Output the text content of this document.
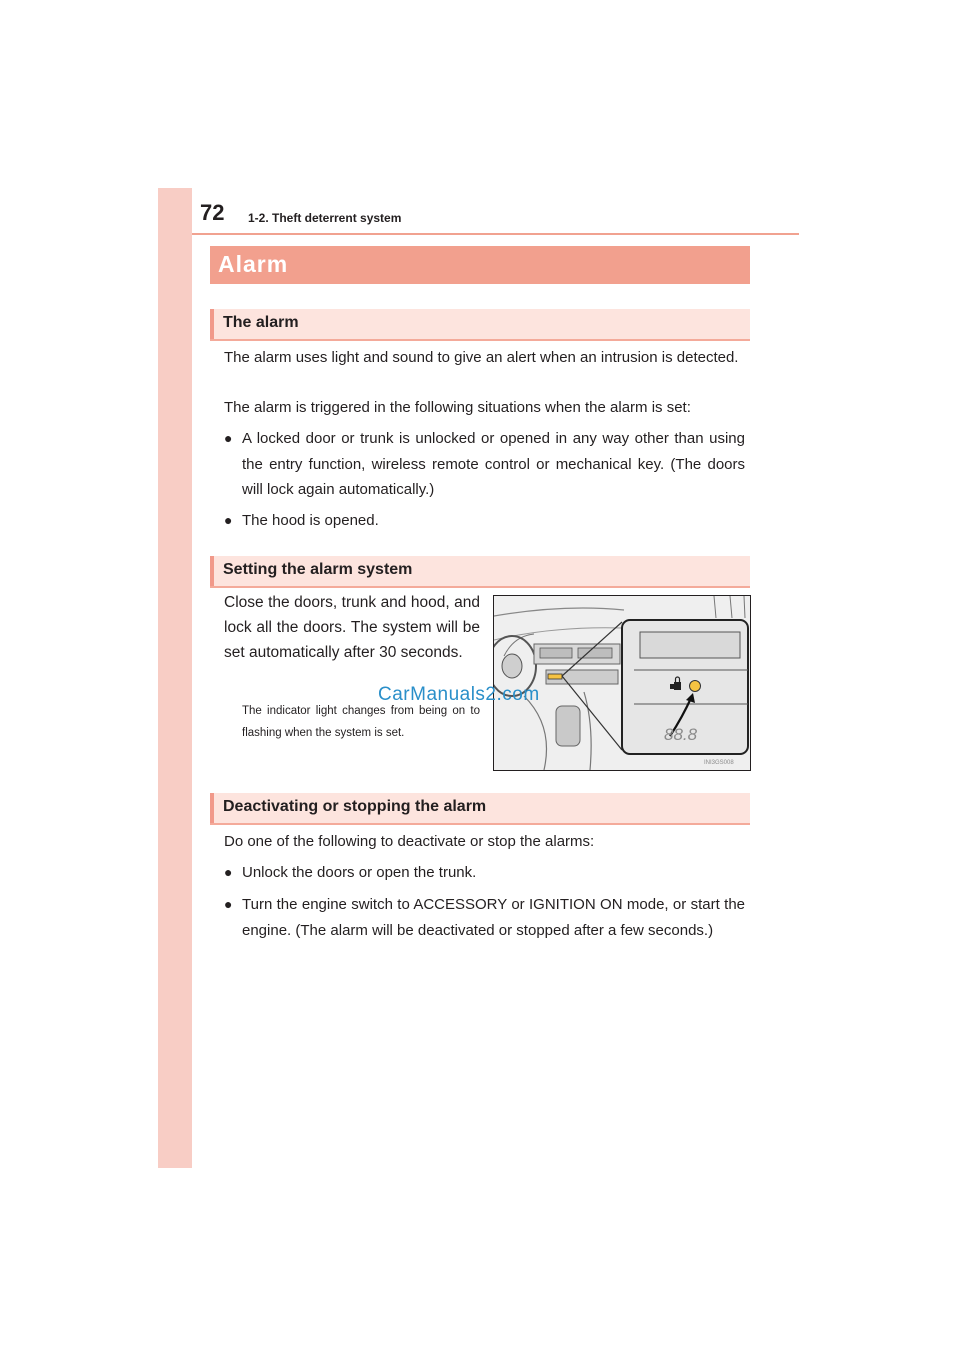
72 1-2. Theft deterrent system
Alarm
The alarm

The alarm uses light and sound to give an alert when an intrusion is detected.

The alarm is triggered in the following situations when the alarm is set:

● A locked door or trunk is unlocked or opened in any way other than using the entry function, wireless remote control or mechanical key. (The doors will lock again automatically.)
● The hood is opened.
Setting the alarm system

Close the doors, trunk and hood, and lock all the doors. The system will be set automatically after 30 seconds.

The indicator light changes from being on to flashing when the system is set.	88.8
INI3GS008
CarManuals2.com
Deactivating or stopping the alarm

Do one of the following to deactivate or stop the alarms:

● Unlock the doors or open the trunk.
● Turn the engine switch to ACCESSORY or IGNITION ON mode, or start the engine. (The alarm will be deactivated or stopped after a few seconds.)
